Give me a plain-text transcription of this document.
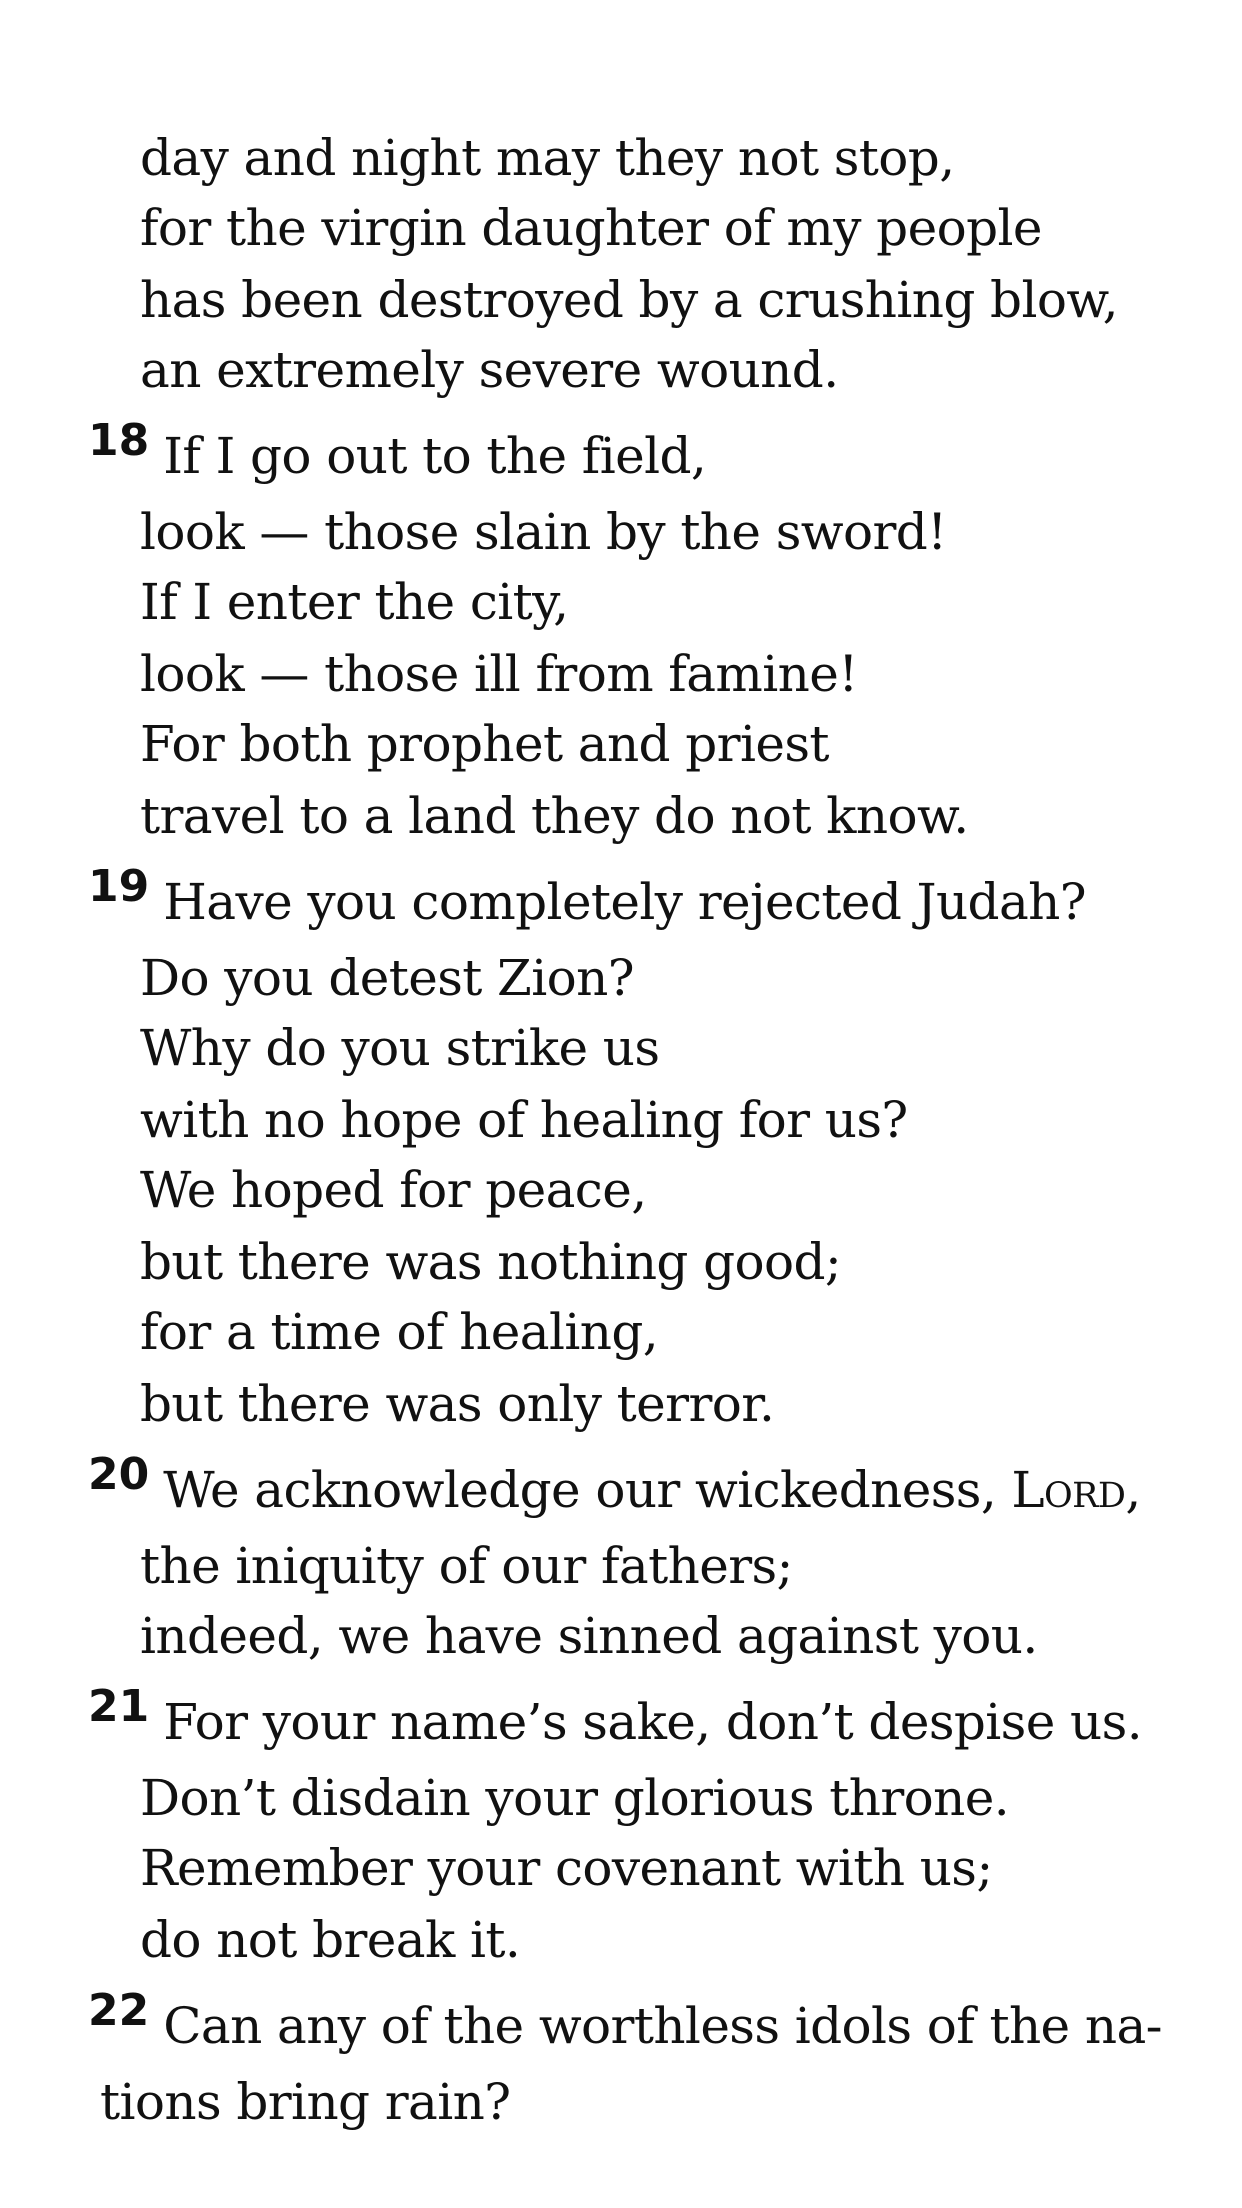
day and night may they not stop,
for the virgin daughter of my people
has been destroyed by a crushing blow,
an extremely severe wound.
18 If I go out to the field,
look — those slain by the sword!
If I enter the city,
look — those ill from famine!
For both prophet and priest
travel to a land they do not know.
19 Have you completely rejected Judah?
Do you detest Zion?
Why do you strike us
with no hope of healing for us?
We hoped for peace,
but there was nothing good;
for a time of healing,
but there was only terror.
20 We acknowledge our wickedness, Lord,
the iniquity of our fathers;
indeed, we have sinned against you.
21 For your name’s sake, don’t despise us.
Don’t disdain your glorious throne.
Remember your covenant with us;
do not break it.
22 Can any of the worthless idols of the na-
tions bring rain?
